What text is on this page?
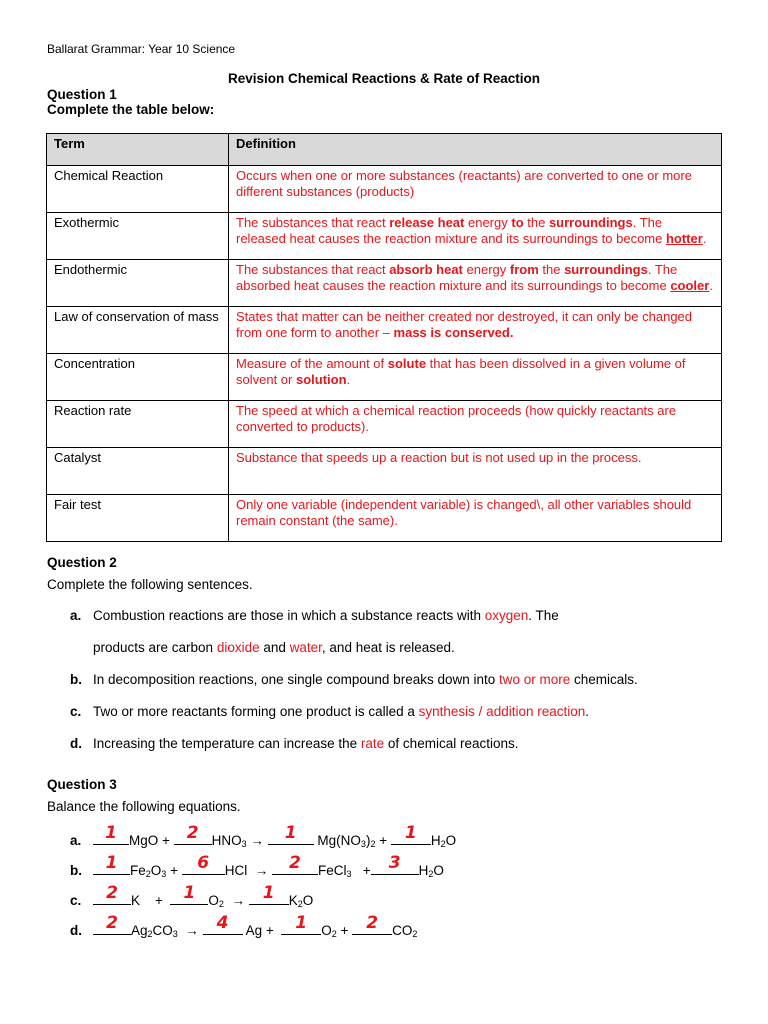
Ballarat Grammar: Year 10 Science
Revision Chemical Reactions & Rate of Reaction
Question 1
Complete the table below:
Term	Definition
Chemical Reaction	Occurs when one or more substances (reactants) are converted to one or more different substances (products)
Exothermic	The substances that react release heat energy to the surroundings. The released heat causes the reaction mixture and its surroundings to become hotter.
Endothermic	The substances that react absorb heat energy from the surroundings. The absorbed heat causes the reaction mixture and its surroundings to become cooler.
Law of conservation of mass	States that matter can be neither created nor destroyed, it can only be changed from one form to another – mass is conserved.
Concentration	Measure of the amount of solute that has been dissolved in a given volume of solvent or solution.
Reaction rate	The speed at which a chemical reaction proceeds (how quickly reactants are converted to products).
Catalyst	Substance that speeds up a reaction but is not used up in the process.
Fair test	Only one variable (independent variable) is changed\, all other variables should remain constant (the same).
Question 2
Complete the following sentences.
a. Combustion reactions are those in which a substance reacts with oxygen. The
products are carbon dioxide and water, and heat is released.
b. In decomposition reactions, one single compound breaks down into two or more chemicals.
c. Two or more reactants forming one product is called a synthesis / addition reaction.
d. Increasing the temperature can increase the rate of chemical reactions.
Question 3
Balance the following equations.
a.	1 MgO + 2 $HNO_3$ →	1	$Mg(NO_3)_2 + 1$	$H_2O$
b.	1 $Fe_2O_3 + 6$	HCl  →	2	FeCl$_3$   +	3	$H_2O$
c.	2 K    + 1 $O_2 \to 1$	$K_2O$
d.	2 $Ag_2CO_3 \to 4$	Ag + 1	$O_2 + 2$	$CO_2$
